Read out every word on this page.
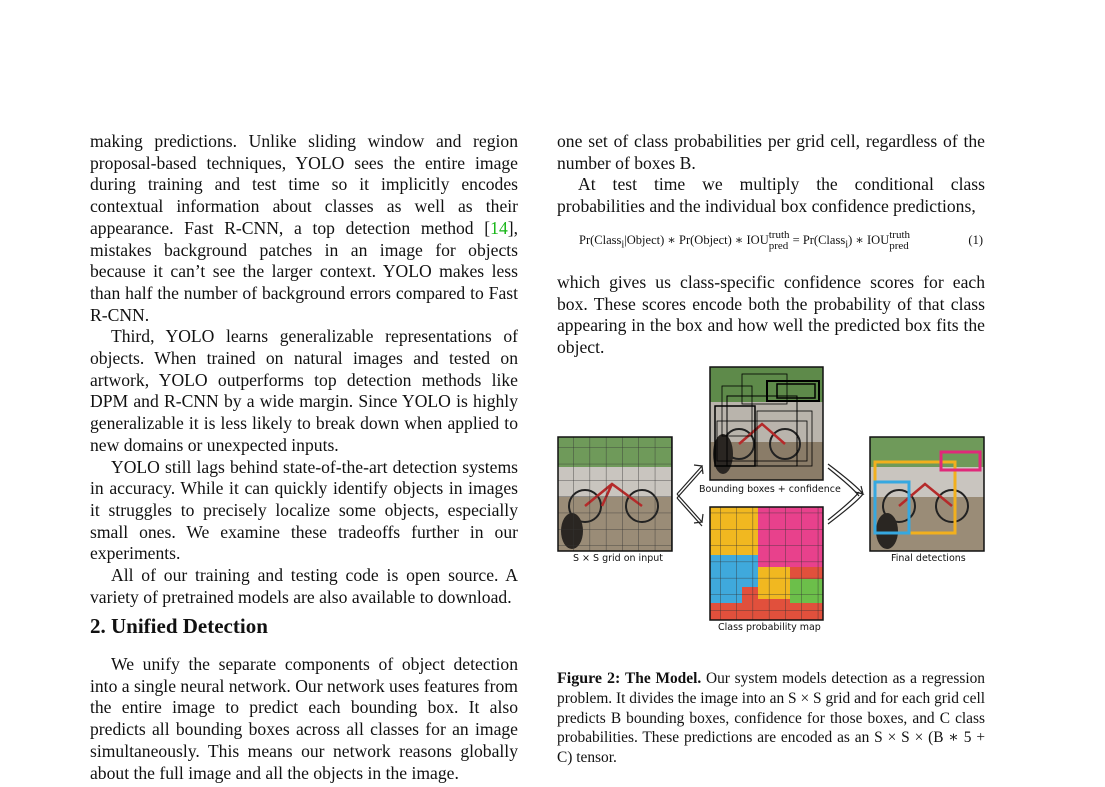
making predictions. Unlike sliding window and region proposal-based techniques, YOLO sees the entire image during training and test time so it implicitly encodes contextual information about classes as well as their appearance. Fast R-CNN, a top detection method [14], mistakes background patches in an image for objects because it can’t see the larger context. YOLO makes less than half the number of background errors compared to Fast R-CNN.

Third, YOLO learns generalizable representations of objects. When trained on natural images and tested on artwork, YOLO outperforms top detection methods like DPM and R-CNN by a wide margin. Since YOLO is highly generalizable it is less likely to break down when applied to new domains or unexpected inputs.

YOLO still lags behind state-of-the-art detection systems in accuracy. While it can quickly identify objects in images it struggles to precisely localize some objects, especially small ones. We examine these tradeoffs further in our experiments.

All of our training and testing code is open source. A variety of pretrained models are also available to download.

2. Unified Detection

We unify the separate components of object detection into a single neural network. Our network uses features from the entire image to predict each bounding box. It also predicts all bounding boxes across all classes for an image simultaneously. This means our network reasons globally about the full image and all the objects in the image.

one set of class probabilities per grid cell, regardless of the number of boxes B.

At test time we multiply the conditional class probabilities and the individual box confidence predictions,

Pr(Class$_i$|Object) ∗ Pr(Object) ∗ IOU truth
pred = Pr(Class$_i$) ∗ IOU truth
pred	(1)

which gives us class-specific confidence scores for each box. These scores encode both the probability of that class appearing in the box and how well the predicted box fits the object.

S × S grid on input
Bounding boxes + confidence
Class probability map
Final detections
Figure 2: The Model. Our system models detection as a regression problem. It divides the image into an S × S grid and for each grid cell predicts B bounding boxes, confidence for those boxes, and C class probabilities. These predictions are encoded as an S × S × (B ∗ 5 + C) tensor.
